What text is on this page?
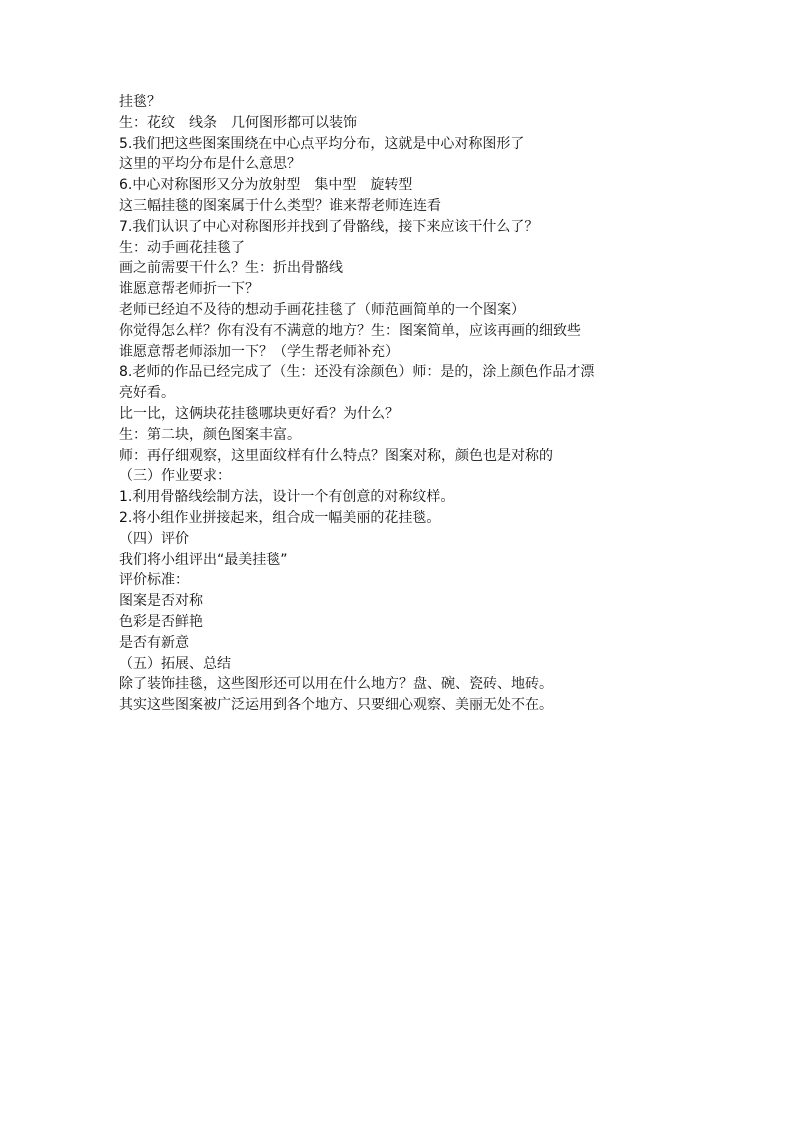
挂毯？

生：花纹　线条　几何图形都可以装饰

5.我们把这些图案围绕在中心点平均分布，这就是中心对称图形了

这里的平均分布是什么意思？

6.中心对称图形又分为放射型　集中型　旋转型

这三幅挂毯的图案属于什么类型？谁来帮老师连连看

7.我们认识了中心对称图形并找到了骨骼线，接下来应该干什么了？

生：动手画花挂毯了

画之前需要干什么？生：折出骨骼线

谁愿意帮老师折一下？

老师已经迫不及待的想动手画花挂毯了（师范画简单的一个图案）

你觉得怎么样？你有没有不满意的地方？生：图案简单，应该再画的细致些

谁愿意帮老师添加一下？（学生帮老师补充）

8.老师的作品已经完成了（生：还没有涂颜色）师：是的，涂上颜色作品才漂

亮好看。

比一比，这俩块花挂毯哪块更好看？为什么？

生：第二块，颜色图案丰富。

师：再仔细观察，这里面纹样有什么特点？图案对称，颜色也是对称的

（三）作业要求：

1.利用骨骼线绘制方法，设计一个有创意的对称纹样。

2.将小组作业拼接起来，组合成一幅美丽的花挂毯。

（四）评价

我们将小组评出“最美挂毯”

评价标准：

图案是否对称

色彩是否鲜艳

是否有新意

（五）拓展、总结

除了装饰挂毯，这些图形还可以用在什么地方？盘、碗、瓷砖、地砖。

其实这些图案被广泛运用到各个地方、只要细心观察、美丽无处不在。
